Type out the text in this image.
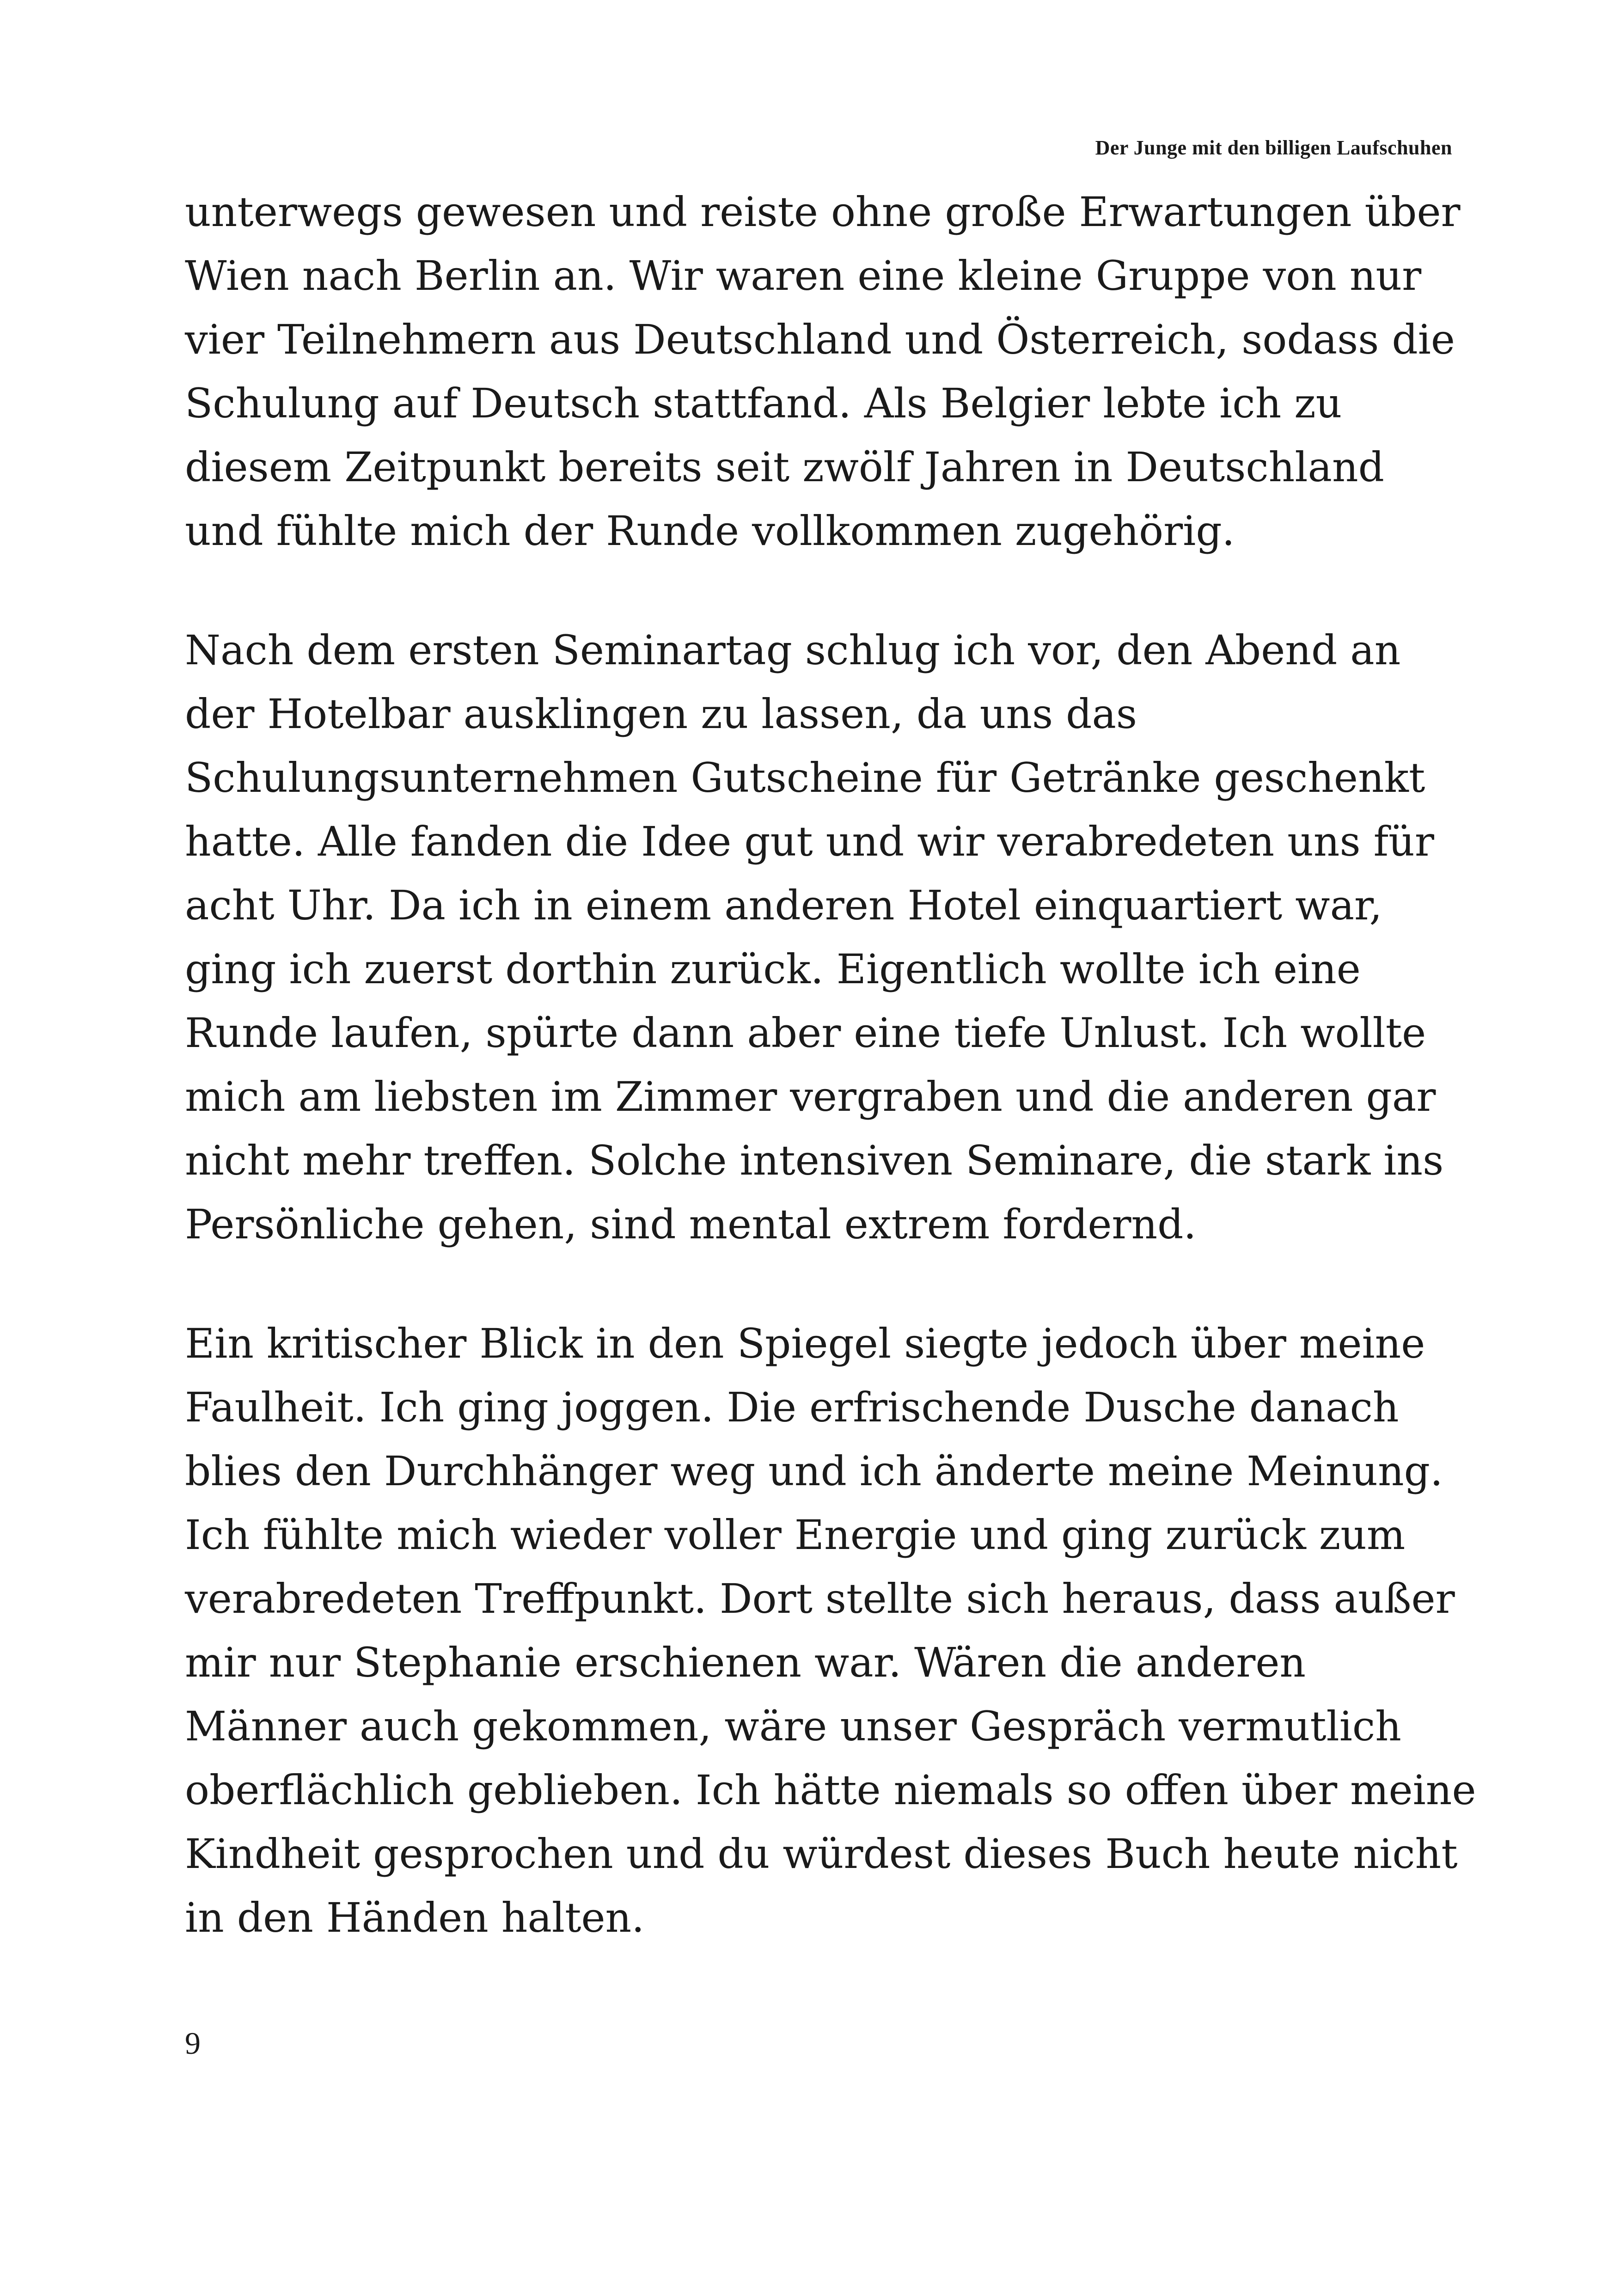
Der Junge mit den billigen Laufschuhen

unterwegs gewesen und reiste ohne große Erwartungen über
Wien nach Berlin an. Wir waren eine kleine Gruppe von nur
vier Teilnehmern aus Deutschland und Österreich, sodass die
Schulung auf Deutsch stattfand. Als Belgier lebte ich zu
diesem Zeitpunkt bereits seit zwölf Jahren in Deutschland
und fühlte mich der Runde vollkommen zugehörig.

Nach dem ersten Seminartag schlug ich vor, den Abend an
der Hotelbar ausklingen zu lassen, da uns das
Schulungsunternehmen Gutscheine für Getränke geschenkt
hatte. Alle fanden die Idee gut und wir verabredeten uns für
acht Uhr. Da ich in einem anderen Hotel einquartiert war,
ging ich zuerst dorthin zurück. Eigentlich wollte ich eine
Runde laufen, spürte dann aber eine tiefe Unlust. Ich wollte
mich am liebsten im Zimmer vergraben und die anderen gar
nicht mehr treffen. Solche intensiven Seminare, die stark ins
Persönliche gehen, sind mental extrem fordernd.

Ein kritischer Blick in den Spiegel siegte jedoch über meine
Faulheit. Ich ging joggen. Die erfrischende Dusche danach
blies den Durchhänger weg und ich änderte meine Meinung.
Ich fühlte mich wieder voller Energie und ging zurück zum
verabredeten Treffpunkt. Dort stellte sich heraus, dass außer
mir nur Stephanie erschienen war. Wären die anderen
Männer auch gekommen, wäre unser Gespräch vermutlich
oberflächlich geblieben. Ich hätte niemals so offen über meine
Kindheit gesprochen und du würdest dieses Buch heute nicht
in den Händen halten.

9
